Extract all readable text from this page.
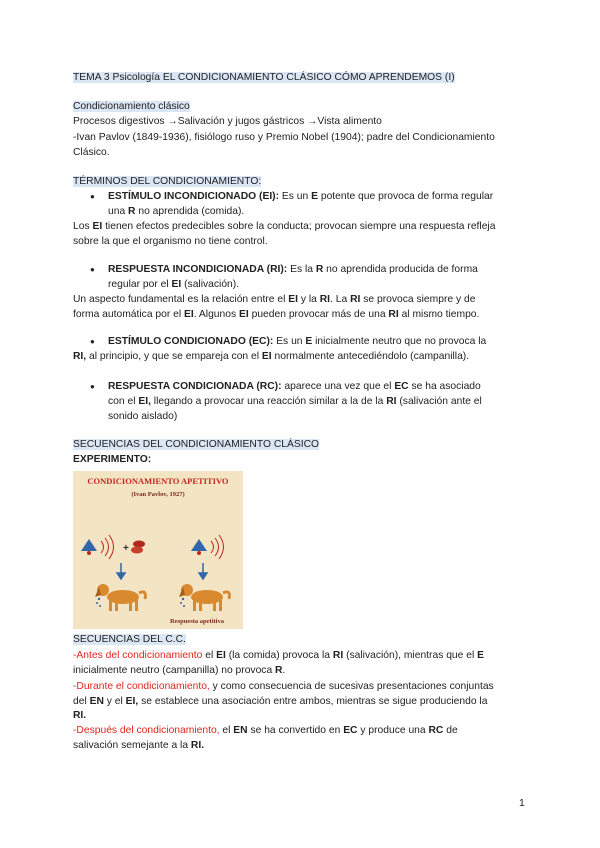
TEMA 3 Psicología EL CONDICIONAMIENTO CLÁSICO CÓMO APRENDEMOS (I)
Condicionamiento clásico
Procesos digestivos →Salivación y jugos gástricos →Vista alimento
-Ivan Pavlov (1849-1936), fisiólogo ruso y Premio Nobel (1904); padre del Condicionamiento
Clásico.
TÉRMINOS DEL CONDICIONAMIENTO:
● ESTÍMULO INCONDICIONADO (EI): Es un E potente que provoca de forma regular
una R no aprendida (comida).
Los EI tienen efectos predecibles sobre la conducta; provocan siempre una respuesta refleja
sobre la que el organismo no tiene control.
● RESPUESTA INCONDICIONADA (RI): Es la R no aprendida producida de forma
regular por el EI (salivación).
Un aspecto fundamental es la relación entre el EI y la RI. La RI se provoca siempre y de
forma automática por el EI. Algunos EI pueden provocar más de una RI al mismo tiempo.
● ESTÍMULO CONDICIONADO (EC): Es un E inicialmente neutro que no provoca la
RI, al principio, y que se empareja con el EI normalmente antecediéndolo (campanilla).
● RESPUESTA CONDICIONADA (RC): aparece una vez que el EC se ha asociado
con el EI, llegando a provocar una reacción similar a la de la RI (salivación ante el
sonido aislado)
SECUENCIAS DEL CONDICIONAMIENTO CLÁSICO
EXPERIMENTO:
CONDICIONAMIENTO APETITIVO
(Ivan Pavlov, 1927)
+
Respuesta apetitiva
SECUENCIAS DEL C.C.
-Antes del condicionamiento el EI (la comida) provoca la RI (salivación), mientras que el E
inicialmente neutro (campanilla) no provoca R.
-Durante el condicionamiento, y como consecuencia de sucesivas presentaciones conjuntas
del EN y el EI, se establece una asociación entre ambos, mientras se sigue produciendo la
RI.
-Después del condicionamiento, el EN se ha convertido en EC y produce una RC de
salivación semejante a la RI.
1
